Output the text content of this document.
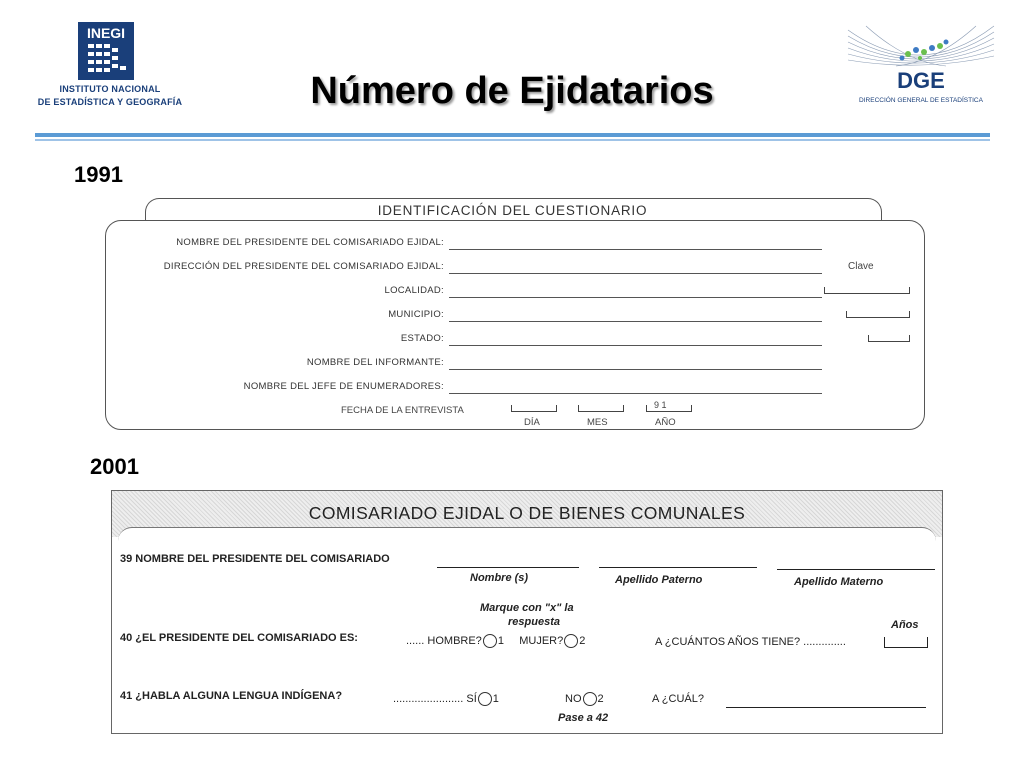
INEGI
INSTITUTO NACIONAL
DE ESTADÍSTICA Y GEOGRAFÍA	Número de Ejidatarios	DGE
DIRECCIÓN GENERAL DE ESTADÍSTICA
1991
IDENTIFICACIÓN DEL CUESTIONARIO
NOMBRE DEL PRESIDENTE DEL COMISARIADO EJIDAL:
DIRECCIÓN DEL PRESIDENTE DEL COMISARIADO EJIDAL:	Clave
LOCALIDAD:
MUNICIPIO:
ESTADO:
NOMBRE DEL INFORMANTE:
NOMBRE DEL JEFE DE ENUMERADORES:
FECHA DE LA ENTREVISTA	9 1
DÍA	MES	AÑO
2001
COMISARIADO EJIDAL O DE BIENES COMUNALES
39 NOMBRE DEL PRESIDENTE DEL COMISARIADO
Nombre (s)	Apellido Paterno	Apellido Materno
Marque con "x" la
respuesta
40 ¿EL PRESIDENTE DEL COMISARIADO ES:	...... HOMBRE? 1 MUJER? 2	A ¿CUÁNTOS AÑOS TIENE? ..............
Años
41 ¿HABLA ALGUNA LENGUA INDÍGENA?	....................... SÍ 1	NO 2	A ¿CUÁL?
Pase a 42
